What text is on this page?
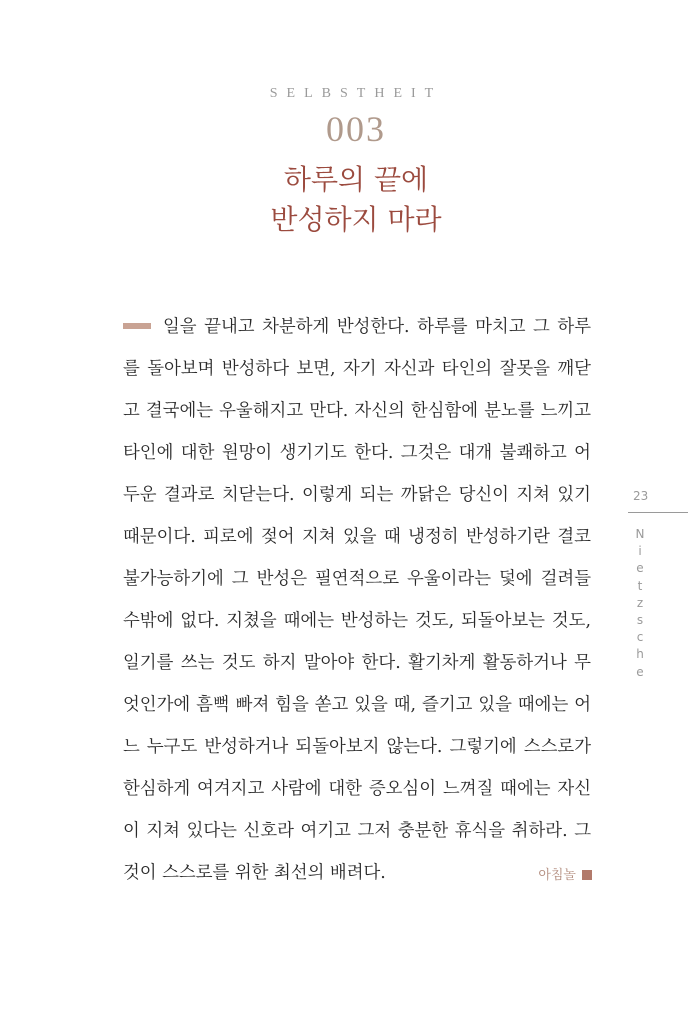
SELBSTHEIT
003
하루의 끝에
반성하지 마라

일을 끝내고 차분하게 반성한다. 하루를 마치고 그 하루를 돌아보며 반성하다 보면, 자기 자신과 타인의 잘못을 깨닫고 결국에는 우울해지고 만다. 자신의 한심함에 분노를 느끼고 타인에 대한 원망이 생기기도 한다. 그것은 대개 불쾌하고 어두운 결과로 치닫는다. 이렇게 되는 까닭은 당신이 지쳐 있기 때문이다. 피로에 젖어 지쳐 있을 때 냉정히 반성하기란 결코 불가능하기에 그 반성은 필연적으로 우울이라는 덫에 걸려들 수밖에 없다. 지쳤을 때에는 반성하는 것도, 되돌아보는 것도, 일기를 쓰는 것도 하지 말아야 한다. 활기차게 활동하거나 무엇인가에 흠뻑 빠져 힘을 쏟고 있을 때, 즐기고 있을 때에는 어느 누구도 반성하거나 되돌아보지 않는다. 그렇기에 스스로가 한심하게 여겨지고 사람에 대한 증오심이 느껴질 때에는 자신이 지쳐 있다는 신호라 여기고 그저 충분한 휴식을 취하라. 그것이 스스로를 위한 최선의 배려다.	아침놀
23
N
i
e
t
z
s
c
h
e
